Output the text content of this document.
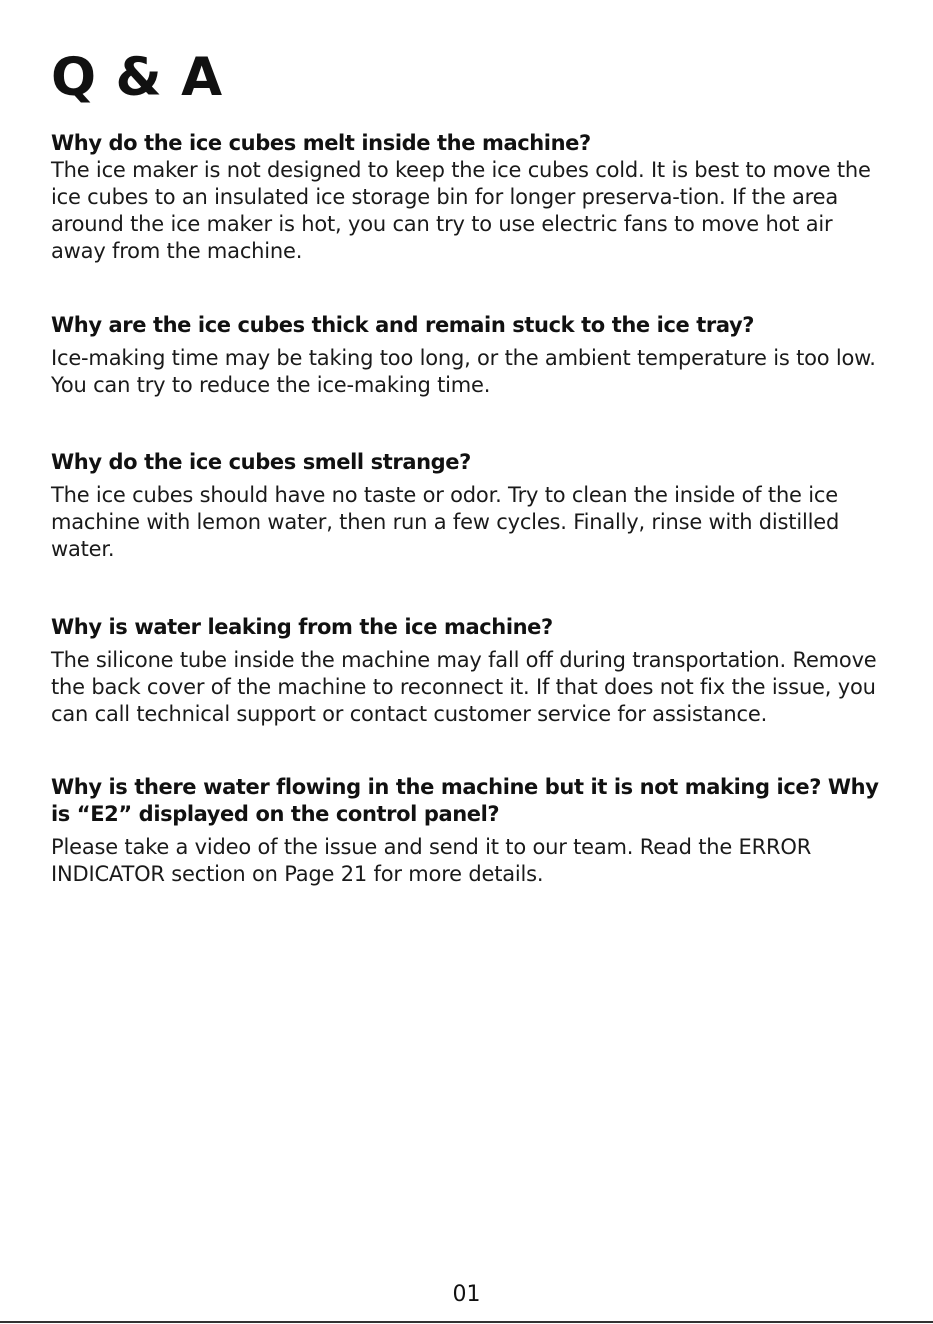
Q & A

Why do the ice cubes melt inside the machine?

The ice maker is not designed to keep the ice cubes cold. It is best to move the ice cubes to an insulated ice storage bin for longer preserva-tion. If the area around the ice maker is hot, you can try to use electric fans to move hot air away from the machine.

Why are the ice cubes thick and remain stuck to the ice tray?

Ice-making time may be taking too long, or the ambient temperature is too low. You can try to reduce the ice-making time.

Why do the ice cubes smell strange?

The ice cubes should have no taste or odor. Try to clean the inside of the ice machine with lemon water, then run a few cycles. Finally, rinse with distilled water.

Why is water leaking from the ice machine?

The silicone tube inside the machine may fall off during transportation. Remove the back cover of the machine to reconnect it. If that does not fix the issue, you can call technical support or contact customer service for assistance.

Why is there water flowing in the machine but it is not making ice? Why is “E2” displayed on the control panel?

Please take a video of the issue and send it to our team. Read the ERROR INDICATOR section on Page 21 for more details.

01
